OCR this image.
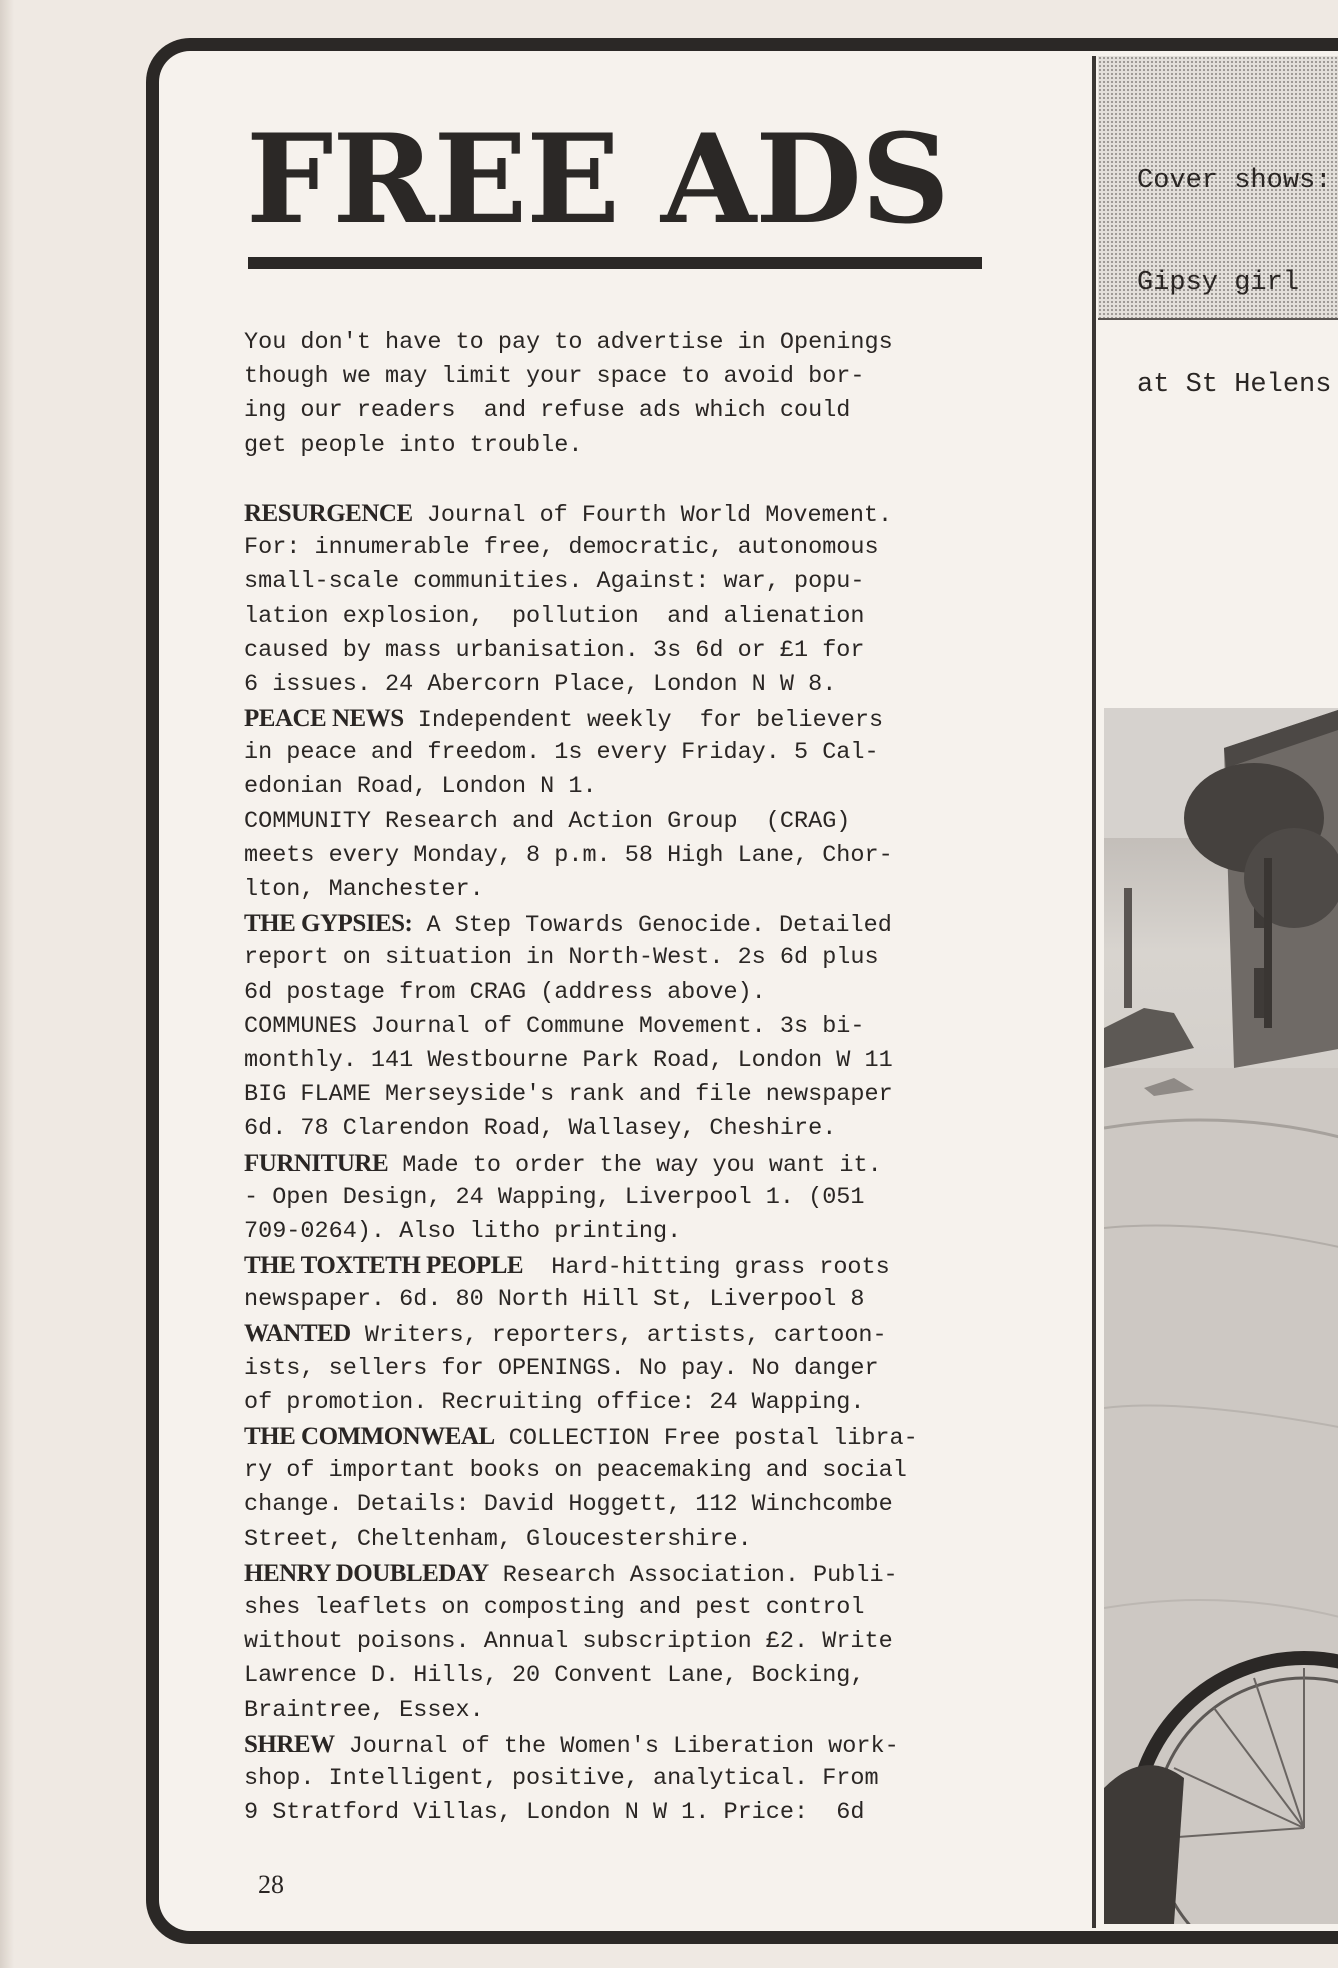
Cover shows:

Gipsy girl

at St Helens

FREE ADS
You don't have to pay to advertise in Openings
though we may limit your space to avoid bor-
ing our readers  and refuse ads which could
get people into trouble.
RESURGENCE Journal of Fourth World Movement.
For: innumerable free, democratic, autonomous
small-scale communities. Against: war, popu-
lation explosion,  pollution  and alienation
caused by mass urbanisation. 3s 6d or £1 for
6 issues. 24 Abercorn Place, London N W 8.
PEACE NEWS Independent weekly  for believers
in peace and freedom. 1s every Friday. 5 Cal-
edonian Road, London N 1.
COMMUNITY Research and Action Group  (CRAG)
meets every Monday, 8 p.m. 58 High Lane, Chor-
lton, Manchester.
THE GYPSIES: A Step Towards Genocide. Detailed
report on situation in North-West. 2s 6d plus
6d postage from CRAG (address above).
COMMUNES Journal of Commune Movement. 3s bi-
monthly. 141 Westbourne Park Road, London W 11
BIG FLAME Merseyside's rank and file newspaper
6d. 78 Clarendon Road, Wallasey, Cheshire.
FURNITURE Made to order the way you want it.
- Open Design, 24 Wapping, Liverpool 1. (051
709-0264). Also litho printing.
THE TOXTETH PEOPLE  Hard-hitting grass roots
newspaper. 6d. 80 North Hill St, Liverpool 8
WANTED Writers, reporters, artists, cartoon-
ists, sellers for OPENINGS. No pay. No danger
of promotion. Recruiting office: 24 Wapping.
THE COMMONWEAL COLLECTION Free postal libra-
ry of important books on peacemaking and social
change. Details: David Hoggett, 112 Winchcombe
Street, Cheltenham, Gloucestershire.
HENRY DOUBLEDAY Research Association. Publi-
shes leaflets on composting and pest control
without poisons. Annual subscription £2. Write
Lawrence D. Hills, 20 Convent Lane, Bocking,
Braintree, Essex.
SHREW Journal of the Women's Liberation work-
shop. Intelligent, positive, analytical. From
9 Stratford Villas, London N W 1. Price:  6d
28
